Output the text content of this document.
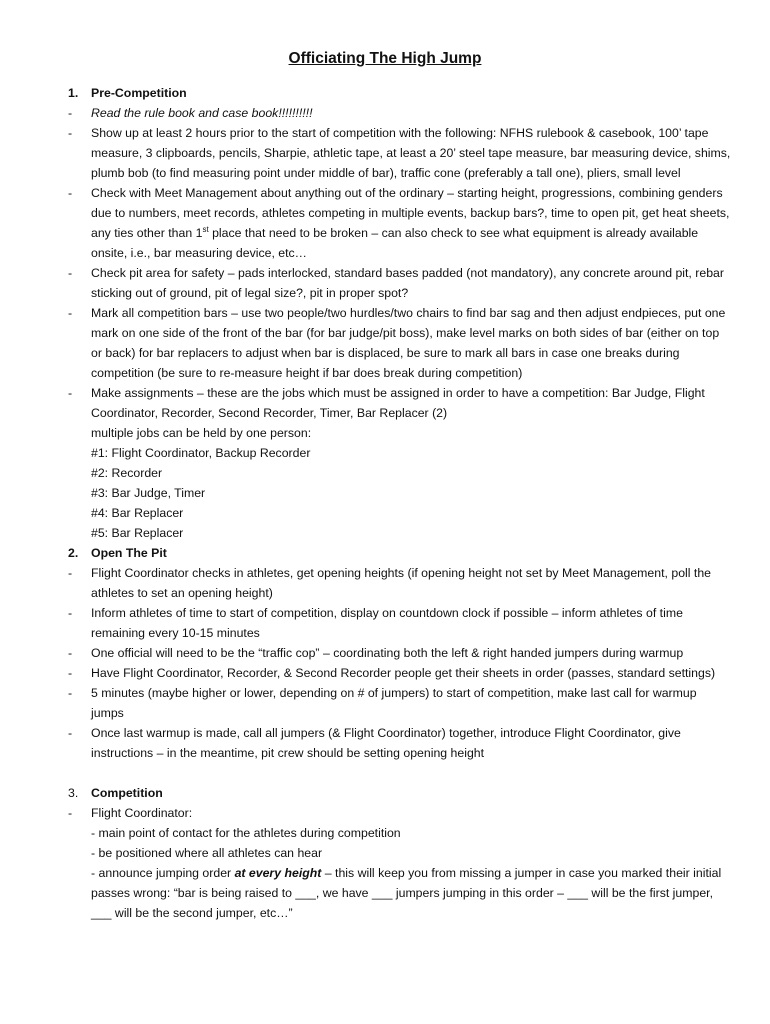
Officiating The High Jump
1. Pre-Competition
- Read the rule book and case book!!!!!!!!!!
- Show up at least 2 hours prior to the start of competition with the following: NFHS rulebook & casebook, 100’ tape measure, 3 clipboards, pencils, Sharpie, athletic tape, at least a 20’ steel tape measure, bar measuring device, shims, plumb bob (to find measuring point under middle of bar), traffic cone (preferably a tall one), pliers, small level
- Check with Meet Management about anything out of the ordinary – starting height, progressions, combining genders due to numbers, meet records, athletes competing in multiple events, backup bars?, time to open pit, get heat sheets, any ties other than 1st place that need to be broken – can also check to see what equipment is already available onsite, i.e., bar measuring device, etc…
- Check pit area for safety – pads interlocked, standard bases padded (not mandatory), any concrete around pit, rebar sticking out of ground, pit of legal size?, pit in proper spot?
- Mark all competition bars – use two people/two hurdles/two chairs to find bar sag and then adjust endpieces, put one mark on one side of the front of the bar (for bar judge/pit boss), make level marks on both sides of bar (either on top or back) for bar replacers to adjust when bar is displaced, be sure to mark all bars in case one breaks during competition (be sure to re-measure height if bar does break during competition)
- Make assignments – these are the jobs which must be assigned in order to have a competition: Bar Judge, Flight Coordinator, Recorder, Second Recorder, Timer, Bar Replacer (2)
multiple jobs can be held by one person:
#1: Flight Coordinator, Backup Recorder
#2: Recorder
#3: Bar Judge, Timer
#4: Bar Replacer
#5: Bar Replacer
2. Open The Pit
- Flight Coordinator checks in athletes, get opening heights (if opening height not set by Meet Management, poll the athletes to set an opening height)
- Inform athletes of time to start of competition, display on countdown clock if possible – inform athletes of time remaining every 10-15 minutes
- One official will need to be the “traffic cop” – coordinating both the left & right handed jumpers during warmup
- Have Flight Coordinator, Recorder, & Second Recorder people get their sheets in order (passes, standard settings)
- 5 minutes (maybe higher or lower, depending on # of jumpers) to start of competition, make last call for warmup jumps
- Once last warmup is made, call all jumpers (& Flight Coordinator) together, introduce Flight Coordinator, give instructions – in the meantime, pit crew should be setting opening height
3. Competition
- Flight Coordinator:
- main point of contact for the athletes during competition
- be positioned where all athletes can hear
- announce jumping order at every height – this will keep you from missing a jumper in case you marked their initial passes wrong: “bar is being raised to ___, we have ___ jumpers jumping in this order – ___ will be the first jumper, ___ will be the second jumper, etc…”
